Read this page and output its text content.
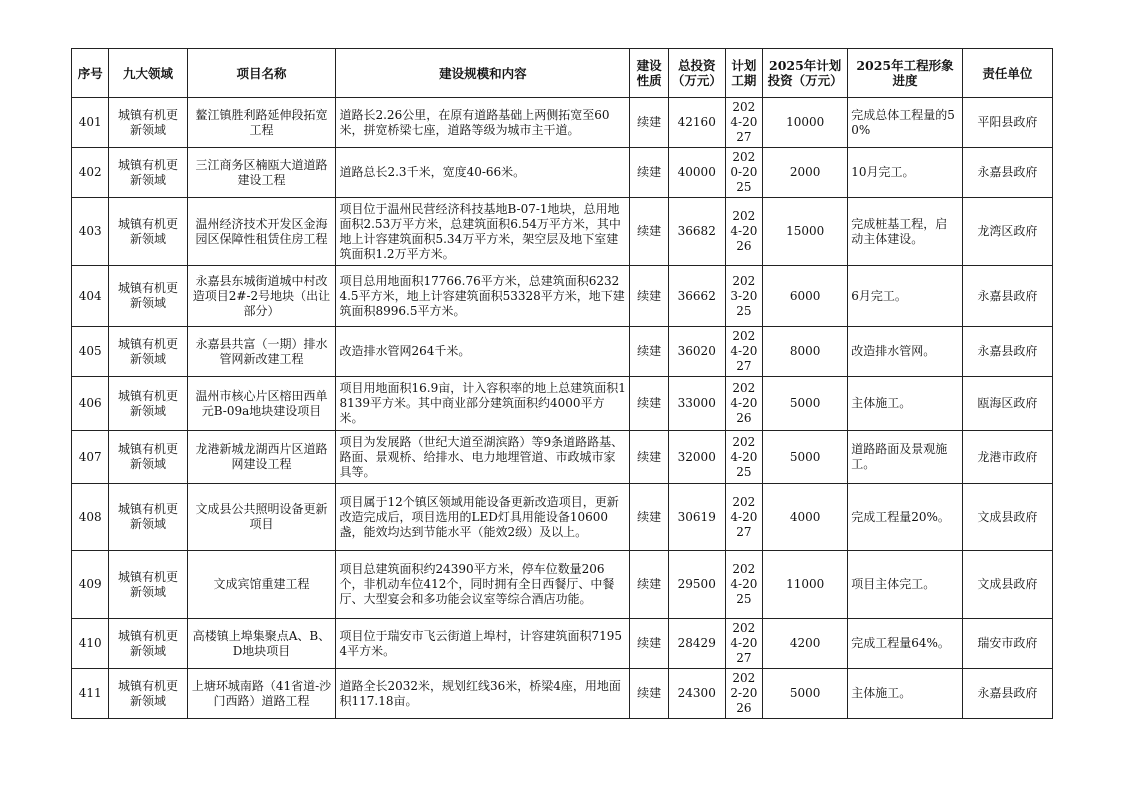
序号	九大领域	项目名称	建设规模和内容	建设性质	总投资（万元）	计划工期	2025年计划投资（万元）	2025年工程形象进度	责任单位
401	城镇有机更新领域	鳌江镇胜利路延伸段拓宽工程	道路长2.26公里，在原有道路基础上两侧拓宽至60米，拼宽桥梁七座，道路等级为城市主干道。	续建	42160	2024-2027	10000	完成总体工程量的50%	平阳县政府
402	城镇有机更新领域	三江商务区楠瓯大道道路建设工程	道路总长2.3千米，宽度40-66米。	续建	40000	2020-2025	2000	10月完工。	永嘉县政府
403	城镇有机更新领域	温州经济技术开发区金海园区保障性租赁住房工程	项目位于温州民营经济科技基地B-07-1地块，总用地面积2.53万平方米，总建筑面积6.54万平方米，其中地上计容建筑面积5.34万平方米，架空层及地下室建筑面积1.2万平方米。	续建	36682	2024-2026	15000	完成桩基工程，启动主体建设。	龙湾区政府
404	城镇有机更新领域	永嘉县东城街道城中村改造项目2#-2号地块（出让部分）	项目总用地面积17766.76平方米，总建筑面积62324.5平方米，地上计容建筑面积53328平方米，地下建筑面积8996.5平方米。	续建	36662	2023-2025	6000	6月完工。	永嘉县政府
405	城镇有机更新领域	永嘉县共富（一期）排水管网新改建工程	改造排水管网264千米。	续建	36020	2024-2027	8000	改造排水管网。	永嘉县政府
406	城镇有机更新领域	温州市核心片区榕田西单元B-09a地块建设项目	项目用地面积16.9亩，计入容积率的地上总建筑面积18139平方米。其中商业部分建筑面积约4000平方米。	续建	33000	2024-2026	5000	主体施工。	瓯海区政府
407	城镇有机更新领域	龙港新城龙湖西片区道路网建设工程	项目为发展路（世纪大道至湖滨路）等9条道路路基、路面、景观桥、给排水、电力地埋管道、市政城市家具等。	续建	32000	2024-2025	5000	道路路面及景观施工。	龙港市政府
408	城镇有机更新领域	文成县公共照明设备更新项目	项目属于12个镇区领域用能设备更新改造项目，更新改造完成后，项目选用的LED灯具用能设备10600盏，能效均达到节能水平（能效2级）及以上。	续建	30619	2024-2027	4000	完成工程量20%。	文成县政府
409	城镇有机更新领域	文成宾馆重建工程	项目总建筑面积约24390平方米，停车位数量206个，非机动车位412个，同时拥有全日西餐厅、中餐厅、大型宴会和多功能会议室等综合酒店功能。	续建	29500	2024-2025	11000	项目主体完工。	文成县政府
410	城镇有机更新领域	高楼镇上埠集聚点A、B、D地块项目	项目位于瑞安市飞云街道上埠村，计容建筑面积71954平方米。	续建	28429	2024-2027	4200	完成工程量64%。	瑞安市政府
411	城镇有机更新领域	上塘环城南路（41省道-沙门西路）道路工程	道路全长2032米，规划红线36米，桥梁4座，用地面积117.18亩。	续建	24300	2022-2026	5000	主体施工。	永嘉县政府
